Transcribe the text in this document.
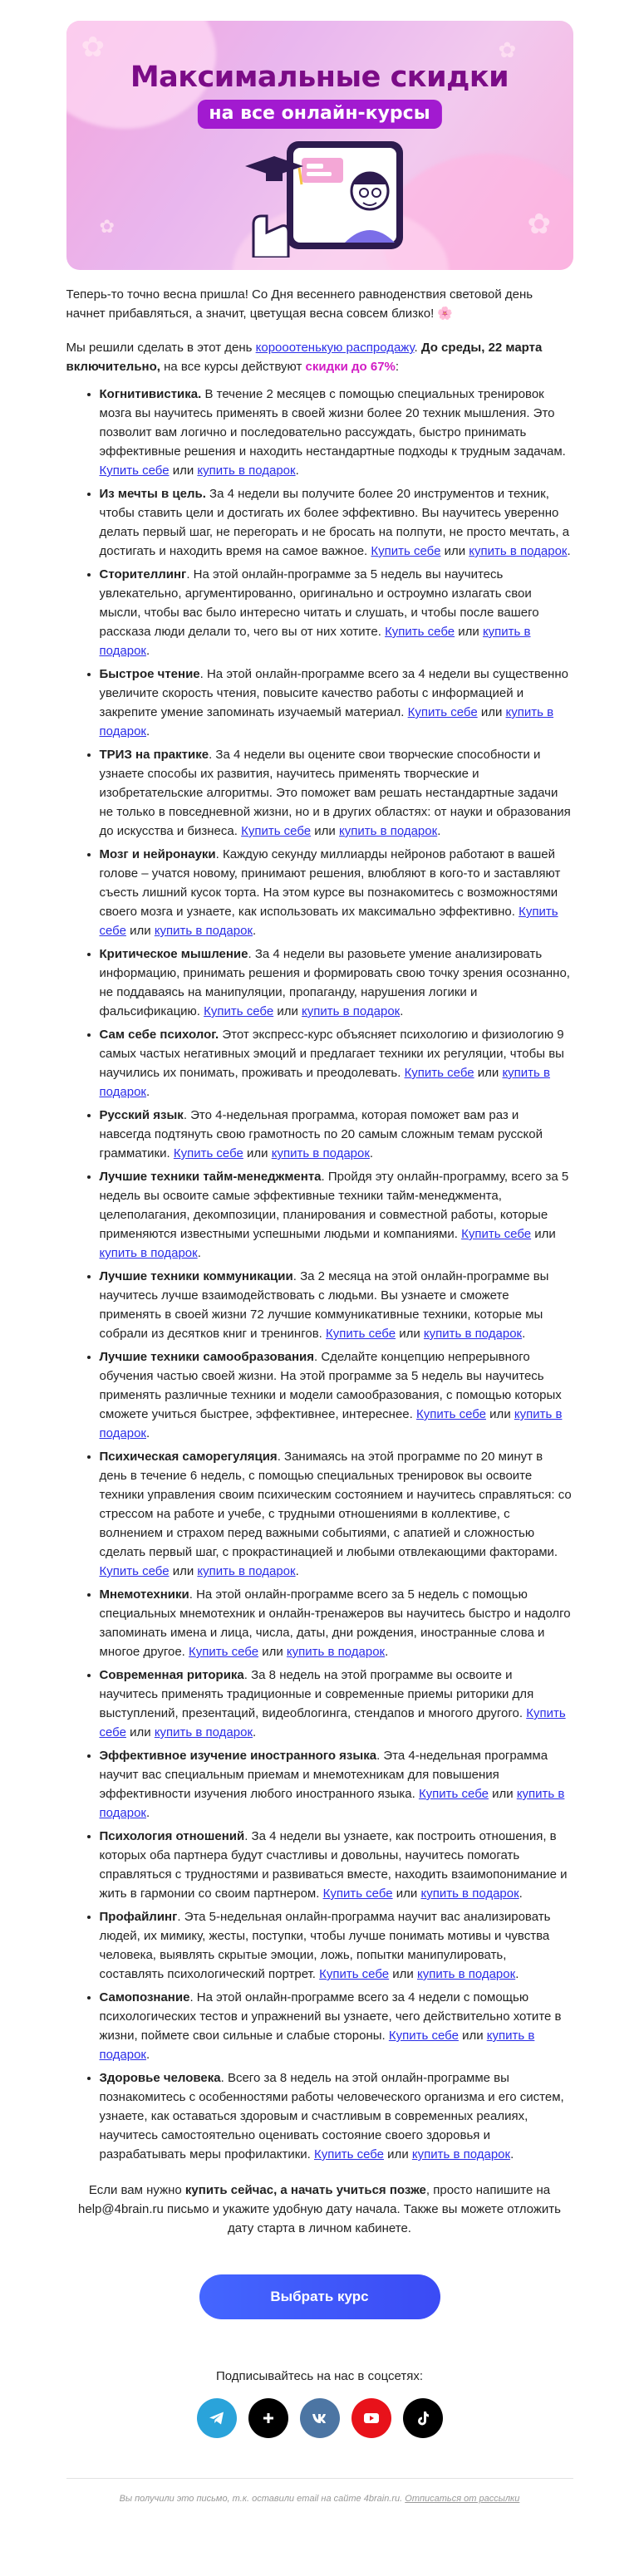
✿	✿
✿
✿
Максимальные скидки
на все онлайн-курсы

Теперь-то точно весна пришла! Со Дня весеннего равноденствия световой день начнет прибавляться, а значит, цветущая весна совсем близко! 🌸

Мы решили сделать в этот день корооотенькую распродажу. До среды, 22 марта включительно, на все курсы действуют скидки до 67%:

• Когнитивистика. В течение 2 месяцев с помощью специальных тренировок мозга вы научитесь применять в своей жизни более 20 техник мышления. Это позволит вам логично и последовательно рассуждать, быстро принимать эффективные решения и находить нестандартные подходы к трудным задачам. Купить себе или купить в подарок.
• Из мечты в цель. За 4 недели вы получите более 20 инструментов и техник, чтобы ставить цели и достигать их более эффективно. Вы научитесь уверенно делать первый шаг, не перегорать и не бросать на полпути, не просто мечтать, а достигать и находить время на самое важное. Купить себе или купить в подарок.
• Сторителлинг. На этой онлайн-программе за 5 недель вы научитесь увлекательно, аргументированно, оригинально и остроумно излагать свои мысли, чтобы вас было интересно читать и слушать, и чтобы после вашего рассказа люди делали то, чего вы от них хотите. Купить себе или купить в подарок.
• Быстрое чтение. На этой онлайн-программе всего за 4 недели вы существенно увеличите скорость чтения, повысите качество работы с информацией и закрепите умение запоминать изучаемый материал. Купить себе или купить в подарок.
• ТРИЗ на практике. За 4 недели вы оцените свои творческие способности и узнаете способы их развития, научитесь применять творческие и изобретательские алгоритмы. Это поможет вам решать нестандартные задачи не только в повседневной жизни, но и в других областях: от науки и образования до искусства и бизнеса. Купить себе или купить в подарок.
• Мозг и нейронауки. Каждую секунду миллиарды нейронов работают в вашей голове – учатся новому, принимают решения, влюбляют в кого-то и заставляют съесть лишний кусок торта. На этом курсе вы познакомитесь с возможностями своего мозга и узнаете, как использовать их максимально эффективно. Купить себе или купить в подарок.
• Критическое мышление. За 4 недели вы разовьете умение анализировать информацию, принимать решения и формировать свою точку зрения осознанно, не поддаваясь на манипуляции, пропаганду, нарушения логики и фальсификацию. Купить себе или купить в подарок.
• Сам себе психолог. Этот экспресс-курс объясняет психологию и физиологию 9 самых частых негативных эмоций и предлагает техники их регуляции, чтобы вы научились их понимать, проживать и преодолевать. Купить себе или купить в подарок.
• Русский язык. Это 4-недельная программа, которая поможет вам раз и навсегда подтянуть свою грамотность по 20 самым сложным темам русской грамматики. Купить себе или купить в подарок.
• Лучшие техники тайм-менеджмента. Пройдя эту онлайн-программу, всего за 5 недель вы освоите самые эффективные техники тайм-менеджмента, целеполагания, декомпозиции, планирования и совместной работы, которые применяются известными успешными людьми и компаниями. Купить себе или купить в подарок.
• Лучшие техники коммуникации. За 2 месяца на этой онлайн-программе вы научитесь лучше взаимодействовать с людьми. Вы узнаете и сможете применять в своей жизни 72 лучшие коммуникативные техники, которые мы собрали из десятков книг и тренингов. Купить себе или купить в подарок.
• Лучшие техники самообразования. Сделайте концепцию непрерывного обучения частью своей жизни. На этой программе за 5 недель вы научитесь применять различные техники и модели самообразования, с помощью которых сможете учиться быстрее, эффективнее, интереснее. Купить себе или купить в подарок.
• Психическая саморегуляция. Занимаясь на этой программе по 20 минут в день в течение 6 недель, с помощью специальных тренировок вы освоите техники управления своим психическим состоянием и научитесь справляться: со стрессом на работе и учебе, с трудными отношениями в коллективе, с волнением и страхом перед важными событиями, с апатией и сложностью сделать первый шаг, с прокрастинацией и любыми отвлекающими факторами. Купить себе или купить в подарок.
• Мнемотехники. На этой онлайн-программе всего за 5 недель с помощью специальных мнемотехник и онлайн-тренажеров вы научитесь быстро и надолго запоминать имена и лица, числа, даты, дни рождения, иностранные слова и многое другое. Купить себе или купить в подарок.
• Современная риторика. За 8 недель на этой программе вы освоите и научитесь применять традиционные и современные приемы риторики для выступлений, презентаций, видеоблогинга, стендапов и многого другого. Купить себе или купить в подарок.
• Эффективное изучение иностранного языка. Эта 4-недельная программа научит вас специальным приемам и мнемотехникам для повышения эффективности изучения любого иностранного языка. Купить себе или купить в подарок.
• Психология отношений. За 4 недели вы узнаете, как построить отношения, в которых оба партнера будут счастливы и довольны, научитесь помогать справляться с трудностями и развиваться вместе, находить взаимопонимание и жить в гармонии со своим партнером. Купить себе или купить в подарок.
• Профайлинг. Эта 5-недельная онлайн-программа научит вас анализировать людей, их мимику, жесты, поступки, чтобы лучше понимать мотивы и чувства человека, выявлять скрытые эмоции, ложь, попытки манипулировать, составлять психологический портрет. Купить себе или купить в подарок.
• Самопознание. На этой онлайн-программе всего за 4 недели с помощью психологических тестов и упражнений вы узнаете, чего действительно хотите в жизни, поймете свои сильные и слабые стороны. Купить себе или купить в подарок.
• Здоровье человека. Всего за 8 недель на этой онлайн-программе вы познакомитесь с особенностями работы человеческого организма и его систем, узнаете, как оставаться здоровым и счастливым в современных реалиях, научитесь самостоятельно оценивать состояние своего здоровья и разрабатывать меры профилактики. Купить себе или купить в подарок.

Если вам нужно купить сейчас, а начать учиться позже, просто напишите на help@4brain.ru письмо и укажите удобную дату начала. Также вы можете отложить дату старта в личном кабинете.

Выбрать курс
Подписывайтесь на нас в соцсетях:
Вы получили это письмо, т.к. оставили email на сайте 4brain.ru. Отписаться от рассылки
